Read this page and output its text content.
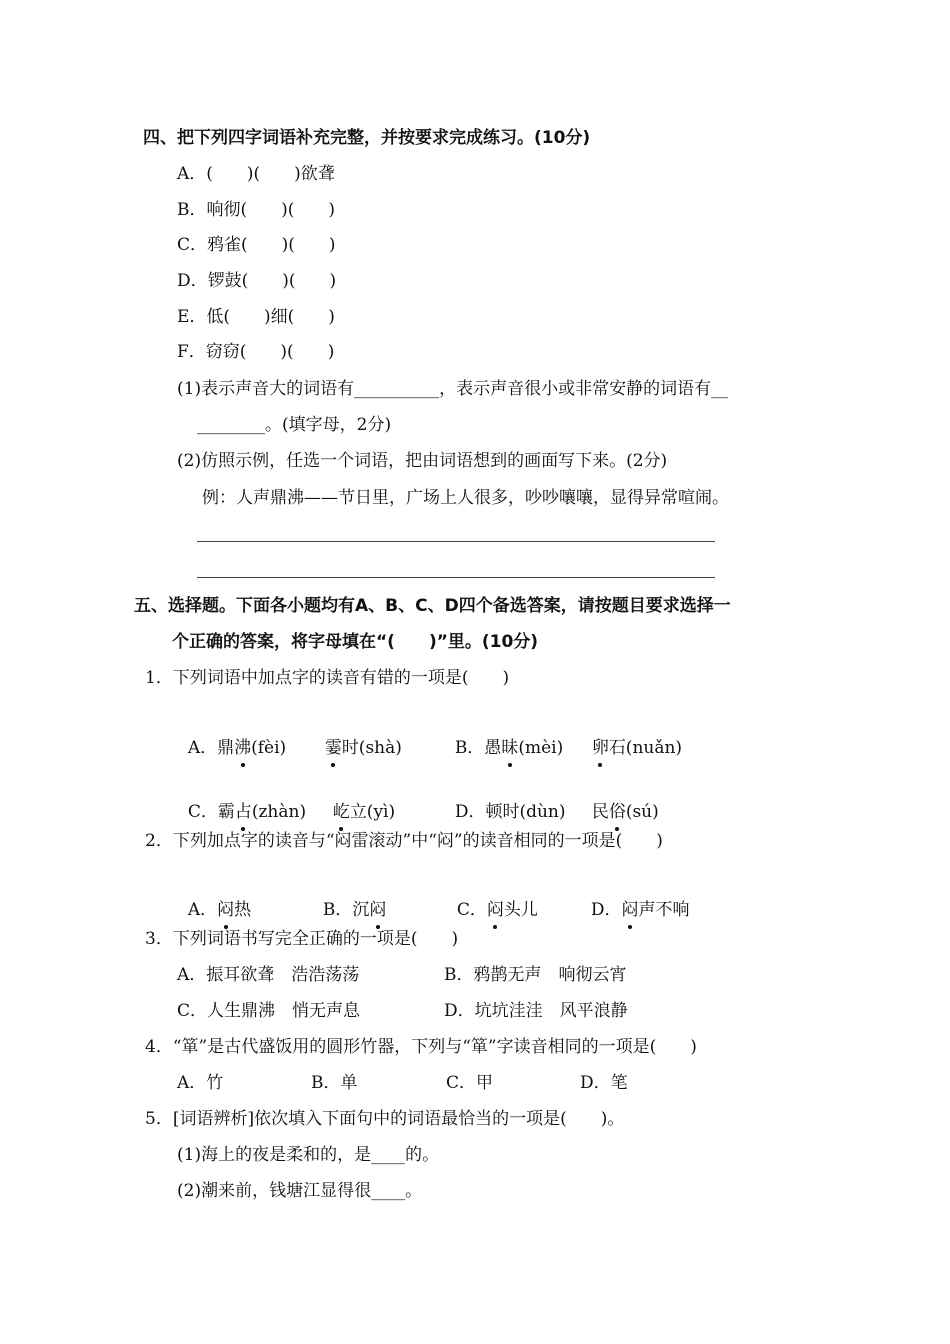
四、把下列四字词语补充完整，并按要求完成练习。(10分)
A．(　　)(　　)欲聋
B．响彻(　　)(　　)
C．鸦雀(　　)(　　)
D．锣鼓(　　)(　　)
E．低(　　)细(　　)
F．窃窃(　　)(　　)
(1)表示声音大的词语有__________，表示声音很小或非常安静的词语有__
________。(填字母，2分)
(2)仿照示例，任选一个词语，把由词语想到的画面写下来。(2分)
例：人声鼎沸——节日里，广场上人很多，吵吵嚷嚷，显得异常喧闹。
五、选择题。下面各小题均有A、B、C、D四个备选答案，请按题目要求选择一
个正确的答案，将字母填在“(　　)”里。(10分)
1．下列词语中加点字的读音有错的一项是(　　)

A．鼎沸(fèi)	霎时(shà)	B．愚昧(mèi)	卵石(nuǎn)

C．霸占(zhàn)	屹立(yì)	D．顿时(dùn)	民俗(sú)

2．下列加点字的读音与“闷雷滚动”中“闷”的读音相同的一项是(　　)

A．闷热	B．沉闷	C．闷头儿	D．闷声不响

3．下列词语书写完全正确的一项是(　　)
A．振耳欲聋　浩浩荡荡	B．鸦鹊无声　响彻云宵
C．人生鼎沸　悄无声息	D．坑坑洼洼　风平浪静
4．“箪”是古代盛饭用的圆形竹器，下列与“箪”字读音相同的一项是(　　)
A．竹	B．单	C．甲	D．笔
5．[词语辨析]依次填入下面句中的词语最恰当的一项是(　　)。
(1)海上的夜是柔和的，是____的。
(2)潮来前，钱塘江显得很____。
